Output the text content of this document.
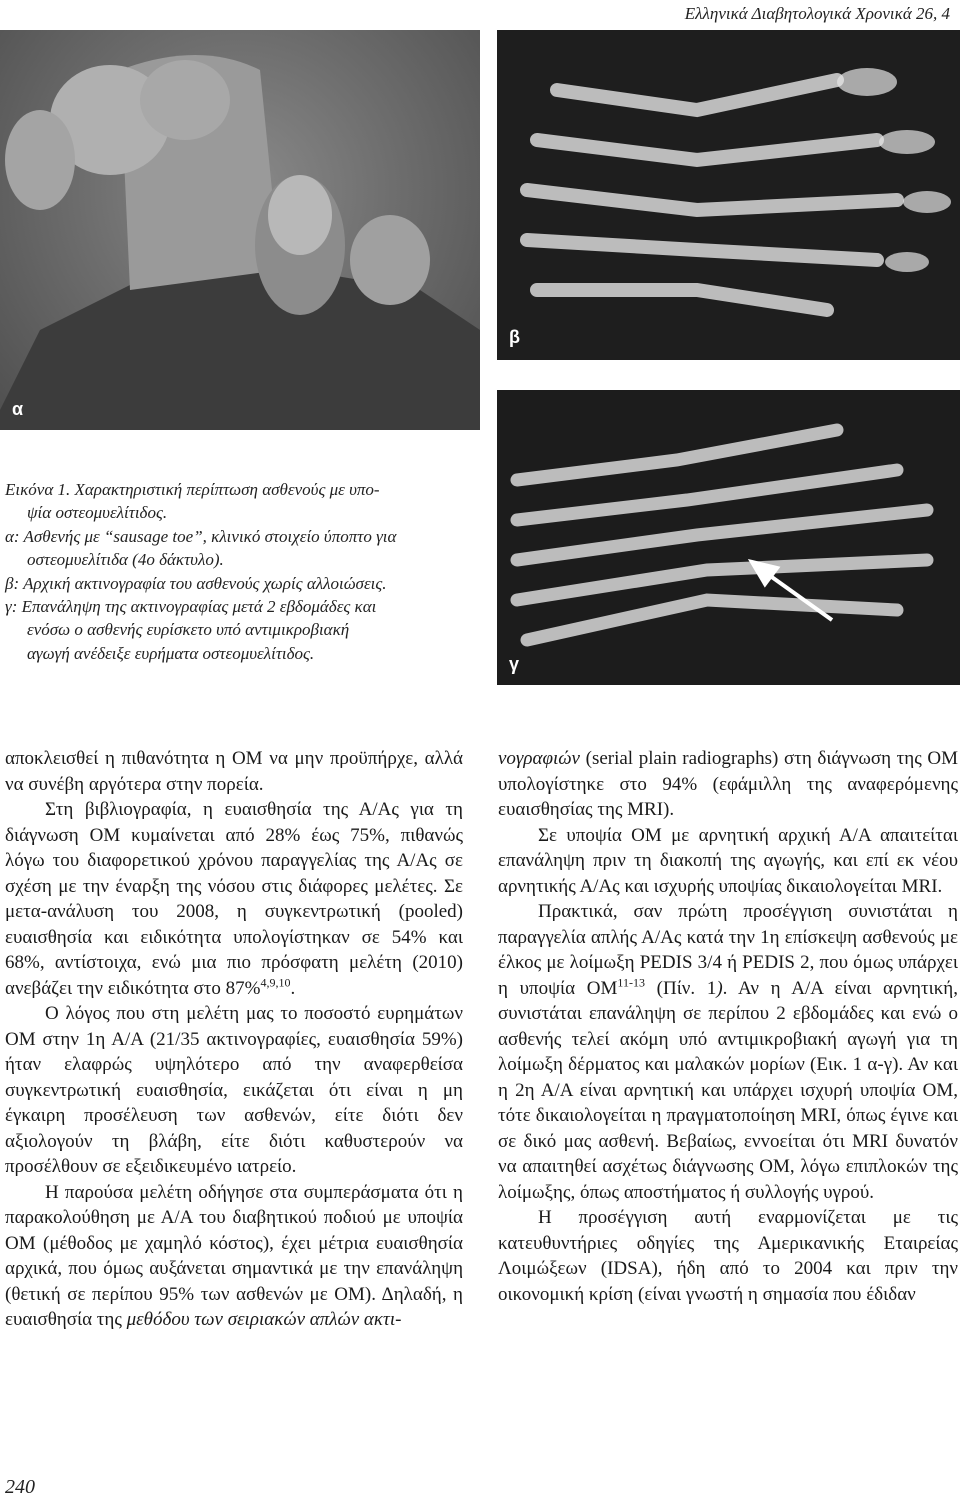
Ελληνικά Διαβητολογικά Χρονικά 26, 4
α
β
γ

Εικόνα 1. Χαρακτηριστική περίπτωση ασθενούς με υπο-

ψία οστεομυελίτιδος.

α: Ασθενής με “sausage toe”, κλινικό στοιχείο ύποπτο για

οστεομυελίτιδα (4ο δάκτυλο).

β: Αρχική ακτινογραφία του ασθενούς χωρίς αλλοιώσεις.

γ: Επανάληψη της ακτινογραφίας μετά 2 εβδομάδες και

ενόσω ο ασθενής ευρίσκετο υπό αντιμικροβιακή

αγωγή ανέδειξε ευρήματα οστεομυελίτιδος.

αποκλεισθεί η πιθανότητα η ΟΜ να μην προϋπήρχε, αλλά να συνέβη αργότερα στην πορεία.

Στη βιβλιογραφία, η ευαισθησία της Α/Ας για τη διάγνωση ΟΜ κυμαίνεται από 28% έως 75%, πιθανώς λόγω του διαφορετικού χρόνου παραγγελίας της Α/Ας σε σχέση με την έναρξη της νόσου στις διάφορες μελέτες. Σε μετα-ανάλυση του 2008, η συγκεντρωτική (pooled) ευαισθησία και ειδικότητα υπολογίστηκαν σε 54% και 68%, αντίστοιχα, ενώ μια πιο πρόσφατη μελέτη (2010) ανεβάζει την ειδικότητα στο 87%$^{4,9,10}$.

Ο λόγος που στη μελέτη μας το ποσοστό ευρημάτων ΟΜ στην 1η Α/Α (21/35 ακτινογραφίες, ευαισθησία 59%) ήταν ελαφρώς υψηλότερο από την αναφερθείσα συγκεντρωτική ευαισθησία, εικάζεται ότι είναι η μη έγκαιρη προσέλευση των ασθενών, είτε διότι δεν αξιολογούν τη βλάβη, είτε διότι καθυστερούν να προσέλθουν σε εξειδικευμένο ιατρείο.

Η παρούσα μελέτη οδήγησε στα συμπεράσματα ότι η παρακολούθηση με Α/Α του διαβητικού ποδιού με υποψία ΟΜ (μέθοδος με χαμηλό κόστος), έχει μέτρια ευαισθησία αρχικά, που όμως αυξάνεται σημαντικά με την επανάληψη (θετική σε περίπου 95% των ασθενών με ΟΜ). Δηλαδή, η ευαισθησία της μεθόδου των σειριακών απλών ακτι-

νογραφιών (serial plain radiographs) στη διάγνωση της ΟΜ υπολογίστηκε στο 94% (εφάμιλλη της αναφερόμενης ευαισθησίας της MRI).

Σε υποψία ΟΜ με αρνητική αρχική Α/Α απαιτείται επανάληψη πριν τη διακοπή της αγωγής, και επί εκ νέου αρνητικής Α/Ας και ισχυρής υποψίας δικαιολογείται MRI.

Πρακτικά, σαν πρώτη προσέγγιση συνιστάται η παραγγελία απλής Α/Ας κατά την 1η επίσκεψη ασθενούς με έλκος με λοίμωξη PEDIS 3/4 ή PEDIS 2, που όμως υπάρχει η υποψία ΟΜ$^{11-13}$ (Πίν. 1). Αν η Α/Α είναι αρνητική, συνιστάται επανάληψη σε περίπου 2 εβδομάδες και ενώ ο ασθενής τελεί ακόμη υπό αντιμικροβιακή αγωγή για τη λοίμωξη δέρματος και μαλακών μορίων (Εικ. 1 α-γ). Αν και η 2η Α/Α είναι αρνητική και υπάρχει ισχυρή υποψία ΟΜ, τότε δικαιολογείται η πραγματοποίηση MRI, όπως έγινε και σε δικό μας ασθενή. Βεβαίως, ενvoείται ότι MRI δυνατόν να απαιτηθεί ασχέτως διάγνωσης ΟΜ, λόγω επιπλοκών της λοίμωξης, όπως αποστήματος ή συλλογής υγρού.

Η προσέγγιση αυτή εναρμονίζεται με τις κατευθυντήριες οδηγίες της Αμερικανικής Εταιρείας Λοιμώξεων (IDSA), ήδη από το 2004 και πριν την οικονομική κρίση (είναι γνωστή η σημασία που έδιδαν

240
